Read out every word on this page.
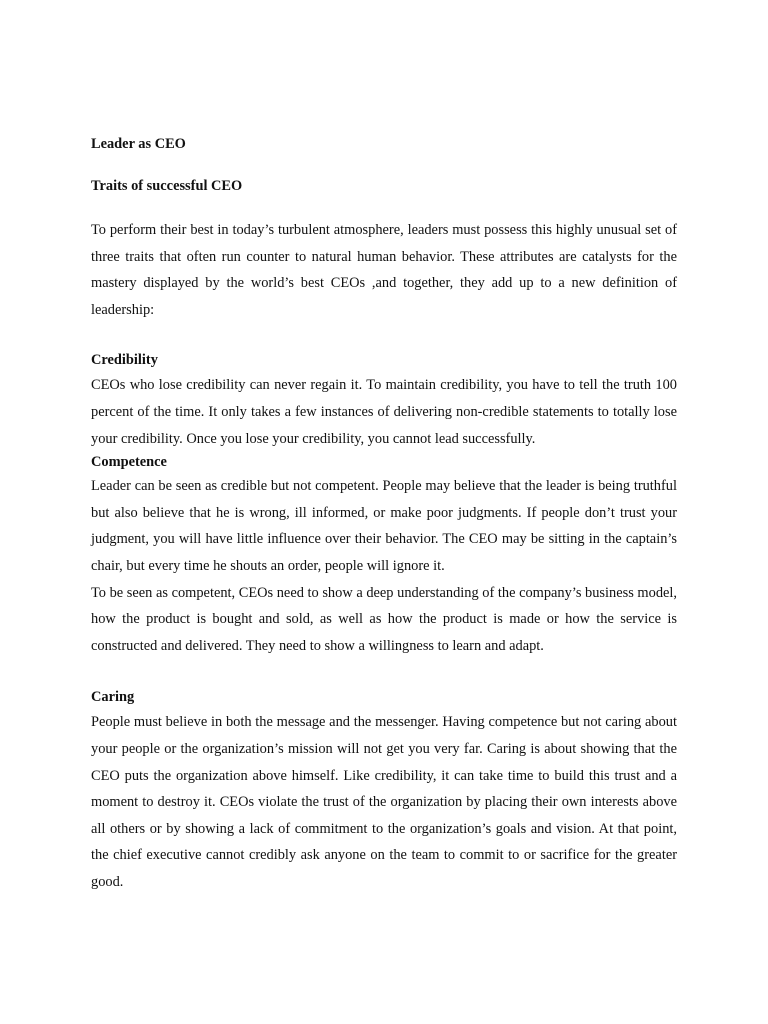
Leader as CEO

Traits of successful CEO

To perform their best in today’s turbulent atmosphere, leaders must possess this highly unusual set of three traits that often run counter to natural human behavior. These attributes are catalysts for the mastery displayed by the world’s best CEOs ,and together, they add up to a new definition of leadership:

Credibility

CEOs who lose credibility can never regain it. To maintain credibility, you have to tell the truth 100 percent of the time. It only takes a few instances of delivering non-credible statements to totally lose your credibility. Once you lose your credibility, you cannot lead successfully.

Competence

Leader can be seen as credible but not competent. People may believe that the leader is being truthful but also believe that he is wrong, ill informed, or make poor judgments. If people don’t trust your judgment, you will have little influence over their behavior. The CEO may be sitting in the captain’s chair, but every time he shouts an order, people will ignore it.

To be seen as competent, CEOs need to show a deep understanding of the company’s business model, how the product is bought and sold, as well as how the product is made or how the service is constructed and delivered. They need to show a willingness to learn and adapt.

Caring

People must believe in both the message and the messenger. Having competence but not caring about your people or the organization’s mission will not get you very far. Caring is about showing that the CEO puts the organization above himself. Like credibility, it can take time to build this trust and a moment to destroy it. CEOs violate the trust of the organization by placing their own interests above all others or by showing a lack of commitment to the organization’s goals and vision. At that point, the chief executive cannot credibly ask anyone on the team to commit to or sacrifice for the greater good.
